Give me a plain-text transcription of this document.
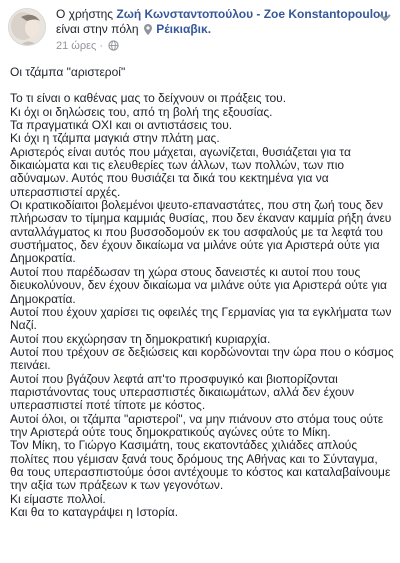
Ο χρήστης Ζωή Κωνσταντοπούλου - Zoe Konstantopoulou
είναι στην πόλη Ρέικιαβικ.
21 ώρες ·

Οι τζάμπα "αριστεροί"

Το τι είναι ο καθένας μας το δείχνουν οι πράξεις του.

Κι όχι οι δηλώσεις του, από τη βολή της εξουσίας.

Τα πραγματικά ΟΧΙ και οι αντιστάσεις του.

Κι όχι η τζάμπα μαγκιά στην πλάτη μας.

Αριστερός είναι αυτός που μάχεται, αγωνίζεται, θυσιάζεται για τα δικαιώματα και τις ελευθερίες των άλλων, των πολλών, των πιο αδύναμων. Αυτός που θυσιάζει τα δικά του κεκτημένα για να υπερασπιστεί αρχές.

Οι κρατικοδίαιτοι βολεμένοι ψευτο-επαναστάτες, που στη ζωή τους δεν πλήρωσαν το τίμημα καμμιάς θυσίας, που δεν έκαναν καμμία ρήξη άνευ ανταλλάγματος κι που βυσσοδομούν εκ του ασφαλούς με τα λεφτά του συστήματος, δεν έχουν δικαίωμα να μιλάνε ούτε για Αριστερά ούτε για Δημοκρατία.

Αυτοί που παρέδωσαν τη χώρα στους δανειστές κι αυτοί που τους διευκολύνουν, δεν έχουν δικαίωμα να μιλάνε ούτε για Αριστερά ούτε για Δημοκρατία.

Αυτοί που έχουν χαρίσει τις οφειλές της Γερμανίας για τα εγκλήματα των Ναζί.

Αυτοί που εκχώρησαν τη δημοκρατική κυριαρχία.

Αυτοί που τρέχουν σε δεξιώσεις και κορδώνονται την ώρα που ο κόσμος πεινάει.

Αυτοί που βγάζουν λεφτά απ'το προσφυγικό και βιοπορίζονται παριστάνοντας τους υπερασπιστές δικαιωμάτων, αλλά δεν έχουν υπερασπιστεί ποτέ τίποτε με κόστος.

Αυτοί όλοι, οι τζάμπα "αριστεροί", να μην πιάνουν στο στόμα τους ούτε την Αριστερά ούτε τους δημοκρατικούς αγώνες ούτε το Μίκη.

Τον Μίκη, το Γιώργο Κασιμάτη, τους εκατοντάδες χιλιάδες απλούς πολίτες που γέμισαν ξανά τους δρόμους της Αθήνας και το Σύνταγμα, θα τους υπερασπιστούμε όσοι αντέχουμε το κόστος και καταλαβαίνουμε την αξία των πράξεων κ των γεγονότων.

Κι είμαστε πολλοί.

Και θα το καταγράψει η Ιστορία.
